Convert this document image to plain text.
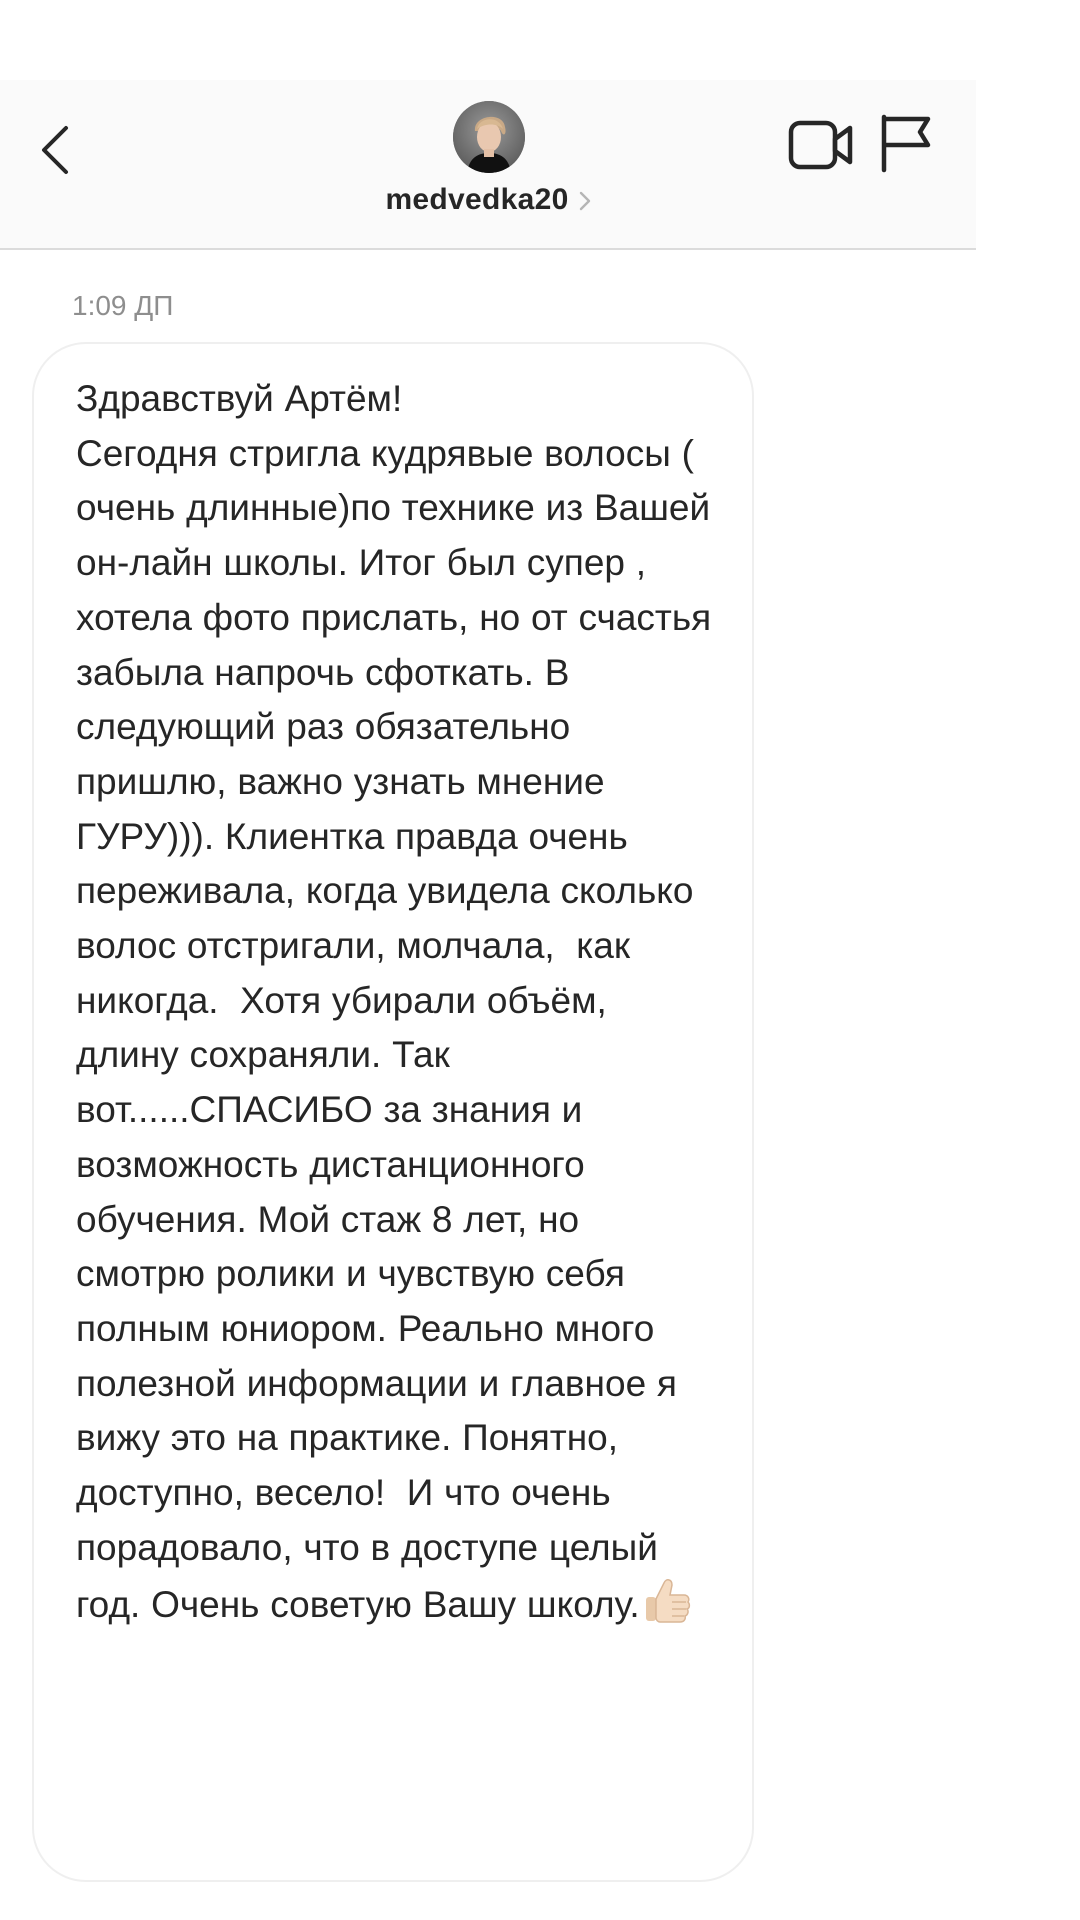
medvedka20
1:09 ДП

Здравствуй Артём!
Сегодня стригла кудрявые волосы ( очень длинные)по технике из Вашей он-лайн школы. Итог был супер , хотела фото прислать, но от счастья забыла напрочь сфоткать. В следующий раз обязательно пришлю, важно узнать мнение ГУРУ))). Клиентка правда очень переживала, когда увидела сколько волос отстригали, молчала,  как никогда.  Хотя убирали объём, длину сохраняли. Так вот......СПАСИБО за знания и возможность дистанционного обучения. Мой стаж 8 лет, но смотрю ролики и чувствую себя полным юниором. Реально много полезной информации и главное я вижу это на практике. Понятно, доступно, весело!  И что очень порадовало, что в доступе целый год. Очень советую Вашу школу.
